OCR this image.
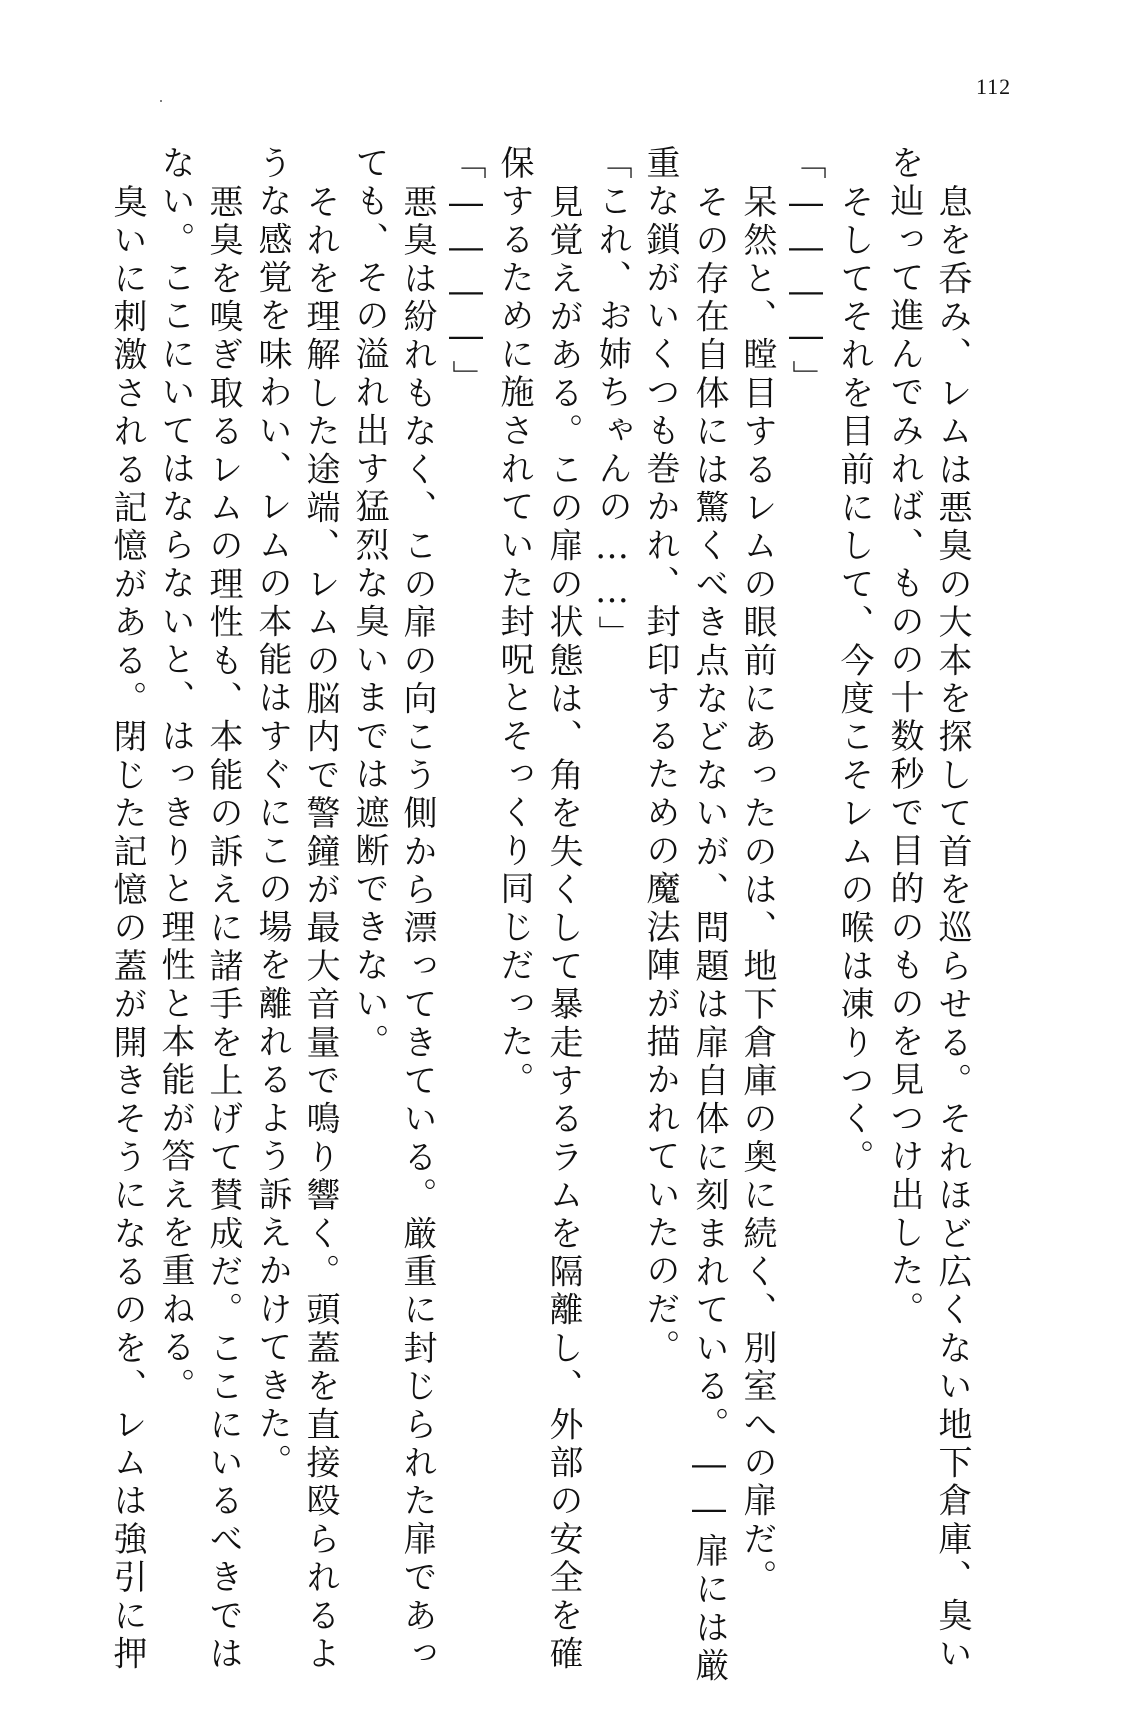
112
息を呑み、レムは悪臭の大本を探して首を巡らせる。それほど広くない地下倉庫、臭い
を辿って進んでみれば、ものの十数秒で目的のものを見つけ出した。
そしてそれを目前にして、今度こそレムの喉は凍りつく。
「――――」
呆然と、瞠目するレムの眼前にあったのは、地下倉庫の奥に続く、別室への扉だ。
その存在自体には驚くべき点などないが、問題は扉自体に刻まれている。――扉には厳
重な鎖がいくつも巻かれ、封印するための魔法陣が描かれていたのだ。
「これ、お姉ちゃんの……」
見覚えがある。この扉の状態は、角を失くして暴走するラムを隔離し、外部の安全を確
保するために施されていた封呪とそっくり同じだった。
「――――」
悪臭は紛れもなく、この扉の向こう側から漂ってきている。厳重に封じられた扉であっ
ても、その溢れ出す猛烈な臭いまでは遮断できない。
それを理解した途端、レムの脳内で警鐘が最大音量で鳴り響く。頭蓋を直接殴られるよ
うな感覚を味わい、レムの本能はすぐにこの場を離れるよう訴えかけてきた。
悪臭を嗅ぎ取るレムの理性も、本能の訴えに諸手を上げて賛成だ。ここにいるべきでは
ない。ここにいてはならないと、はっきりと理性と本能が答えを重ねる。
臭いに刺激される記憶がある。閉じた記憶の蓋が開きそうになるのを、レムは強引に押
